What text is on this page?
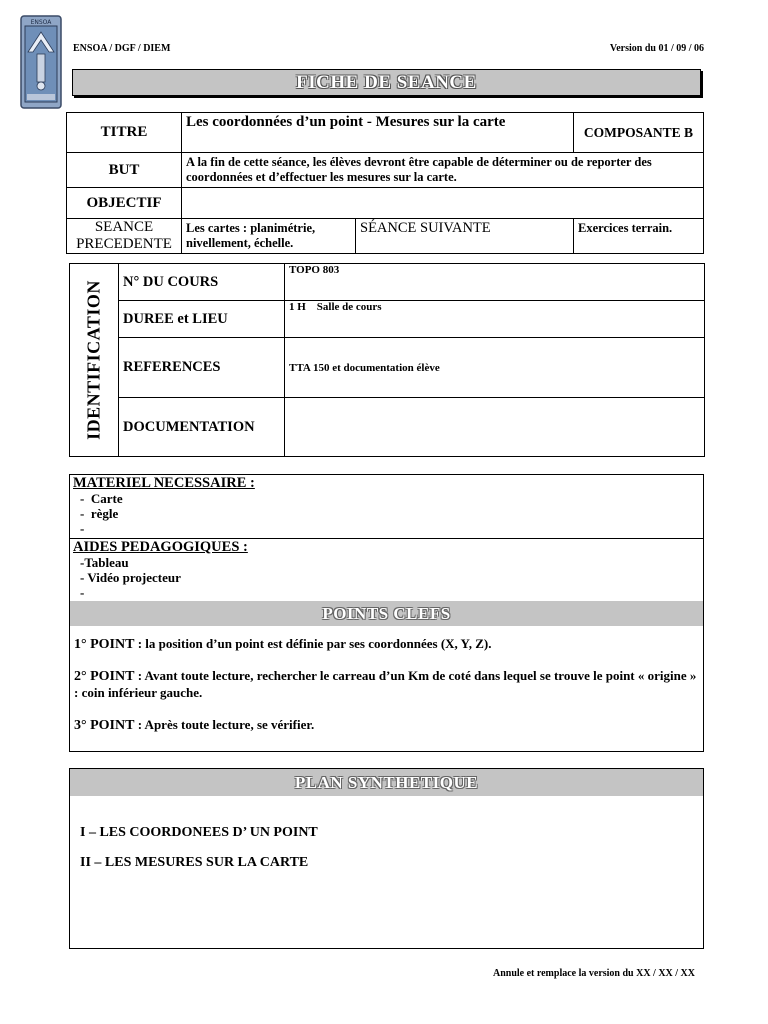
ENSOA
ENSOA / DGF / DIEM	Version du 01 / 09 / 06
FICHE DE SEANCE
TITRE	Les coordonnées d’un point - Mesures sur la carte		COMPOSANTE B
BUT	A la fin de cette séance, les élèves devront être capable de déterminer ou de reporter des coordonnées et d’effectuer les mesures sur la carte.		
OBJECTIF			
SEANCE PRECEDENTE	Les cartes : planimétrie, nivellement, échelle.	SÉANCE SUIVANTE	Exercices terrain.
IDENTIFICATION	N° DU COURS	TOPO 803
	DUREE et LIEU	1 H    Salle de cours
	REFERENCES	TTA 150 et documentation élève
	DOCUMENTATION	
MATERIEL NECESSAIRE :
-  Carte
-  règle
-
AIDES PEDAGOGIQUES :
-Tableau
- Vidéo projecteur
-
POINTS CLEFS
1° POINT : la position d’un point est définie par ses coordonnées (X, Y, Z).
2° POINT : Avant toute lecture, rechercher le carreau d’un Km de coté dans lequel se trouve le point « origine » : coin inférieur gauche.
3° POINT : Après toute lecture, se vérifier.
PLAN SYNTHETIQUE
I – LES COORDONEES D’ UN POINT
II – LES MESURES SUR LA CARTE
Annule et remplace la version du XX / XX / XX
